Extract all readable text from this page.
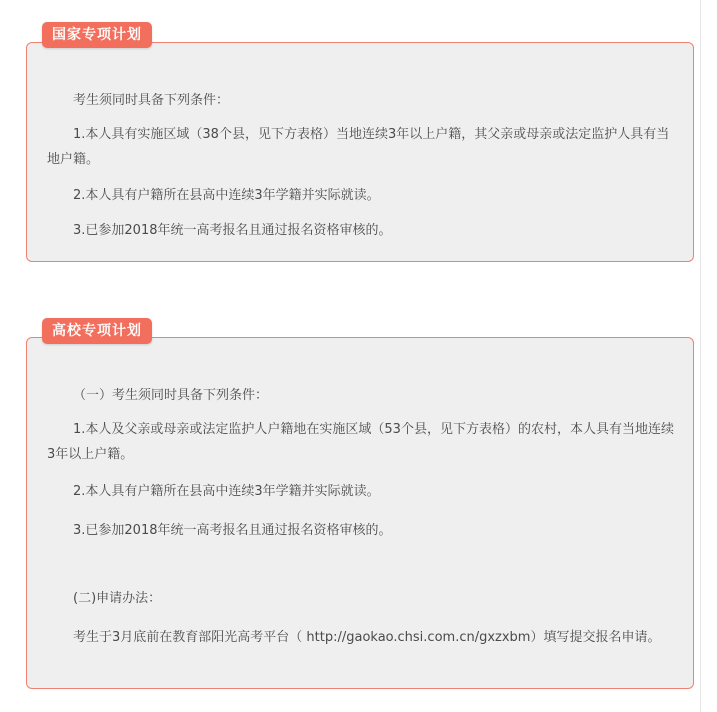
国家专项计划

考生须同时具备下列条件：

1.本人具有实施区域（38个县，见下方表格）当地连续3年以上户籍，其父亲或母亲或法定监护人具有当地户籍。

2.本人具有户籍所在县高中连续3年学籍并实际就读。

3.已参加2018年统一高考报名且通过报名资格审核的。

高校专项计划

（一）考生须同时具备下列条件：

1.本人及父亲或母亲或法定监护人户籍地在实施区域（53个县，见下方表格）的农村，本人具有当地连续3年以上户籍。

2.本人具有户籍所在县高中连续3年学籍并实际就读。

3.已参加2018年统一高考报名且通过报名资格审核的。

(二)申请办法：

考生于3月底前在教育部阳光高考平台（ http://gaokao.chsi.com.cn/gxzxbm）填写提交报名申请。
